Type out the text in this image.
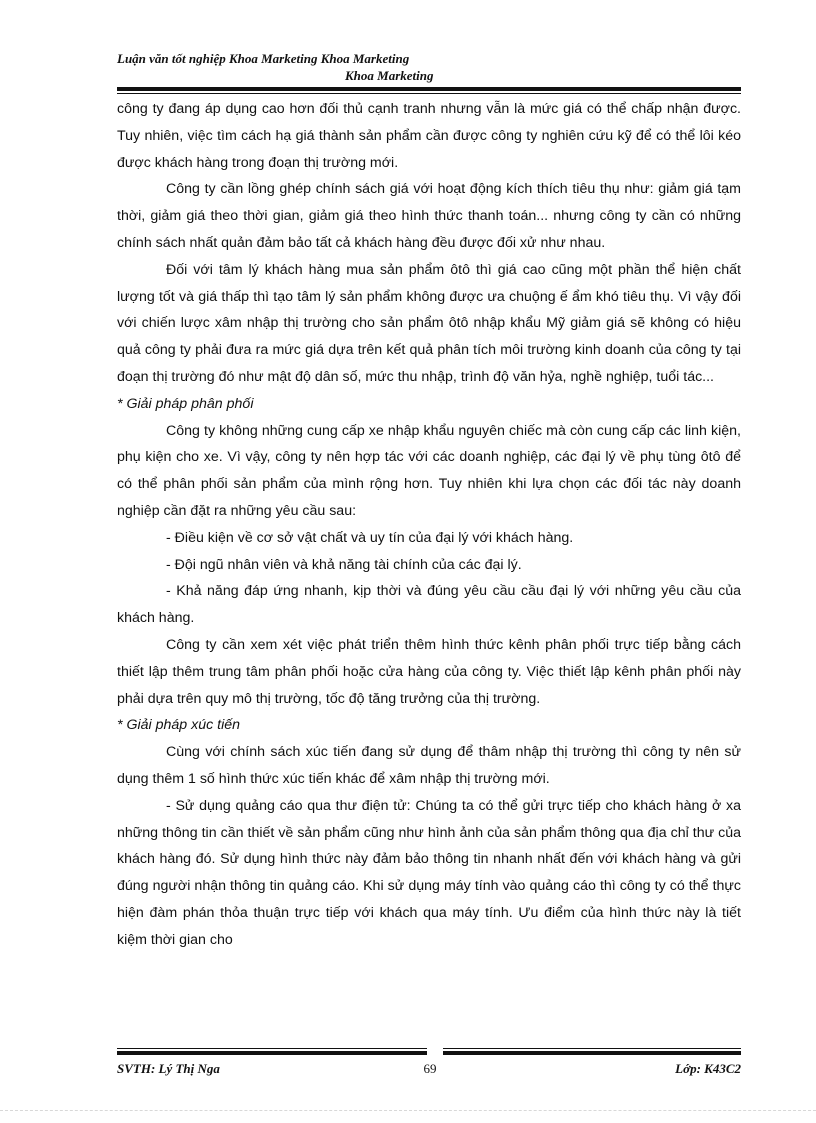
Luận văn tốt nghiệp Khoa Marketing Khoa Marketing
Khoa Marketing

công ty đang áp dụng cao hơn đối thủ cạnh tranh nhưng vẫn là mức giá có thể chấp nhận được. Tuy nhiên, việc tìm cách hạ giá thành sản phẩm cần được công ty nghiên cứu kỹ để có thể lôi kéo được khách hàng trong đoạn thị trường mới.

Công ty cần lồng ghép chính sách giá với hoạt động kích thích tiêu thụ như: giảm giá tạm thời, giảm giá theo thời gian, giảm giá theo hình thức thanh toán... nhưng công ty cần có những chính sách nhất quản đảm bảo tất cả khách hàng đều được đối xử như nhau.

Đối với tâm lý khách hàng mua sản phẩm ôtô thì giá cao cũng một phần thể hiện chất lượng tốt và giá thấp thì tạo tâm lý sản phẩm không được ưa chuộng ế ẩm khó tiêu thụ. Vì vậy đối với chiến lược xâm nhập thị trường cho sản phẩm ôtô nhập khẩu Mỹ giảm giá sẽ không có hiệu quả công ty phải đưa ra mức giá dựa trên kết quả phân tích môi trường kinh doanh của công ty tại đoạn thị trường đó như mật độ dân số, mức thu nhập, trình độ văn hỷa, nghề nghiệp, tuổi tác...

* Giải pháp phân phối

Công ty không những cung cấp xe nhập khẩu nguyên chiếc mà còn cung cấp các linh kiện, phụ kiện cho xe. Vì vậy, công ty nên hợp tác với các doanh nghiệp, các đại lý về phụ tùng ôtô để có thể phân phối sản phẩm của mình rộng hơn. Tuy nhiên khi lựa chọn các đối tác này doanh nghiệp cần đặt ra những yêu cầu sau:

- Điều kiện về cơ sở vật chất và uy tín của đại lý với khách hàng.

- Đội ngũ nhân viên và khả năng tài chính của các đại lý.

- Khả năng đáp ứng nhanh, kịp thời và đúng yêu cầu cầu đại lý với những yêu cầu của khách hàng.

Công ty cần xem xét việc phát triển thêm hình thức kênh phân phối trực tiếp bằng cách thiết lập thêm trung tâm phân phối hoặc cửa hàng của công ty. Việc thiết lập kênh phân phối này phải dựa trên quy mô thị trường, tốc độ tăng trưởng của thị trường.

* Giải pháp xúc tiến

Cùng với chính sách xúc tiến đang sử dụng để thâm nhập thị trường thì công ty nên sử dụng thêm 1 số hình thức xúc tiến khác để xâm nhập thị trường mới.

- Sử dụng quảng cáo qua thư điện tử: Chúng ta có thể gửi trực tiếp cho khách hàng ở xa những thông tin cần thiết về sản phẩm cũng như hình ảnh của sản phẩm thông qua địa chỉ thư của khách hàng đó. Sử dụng hình thức này đảm bảo thông tin nhanh nhất đến với khách hàng và gửi đúng người nhận thông tin quảng cáo. Khi sử dụng máy tính vào quảng cáo thì công ty có thể thực hiện đàm phán thỏa thuận trực tiếp với khách qua máy tính. Ưu điểm của hình thức này là tiết kiệm thời gian cho

SVTH: Lý Thị Nga	69	Lớp: K43C2
